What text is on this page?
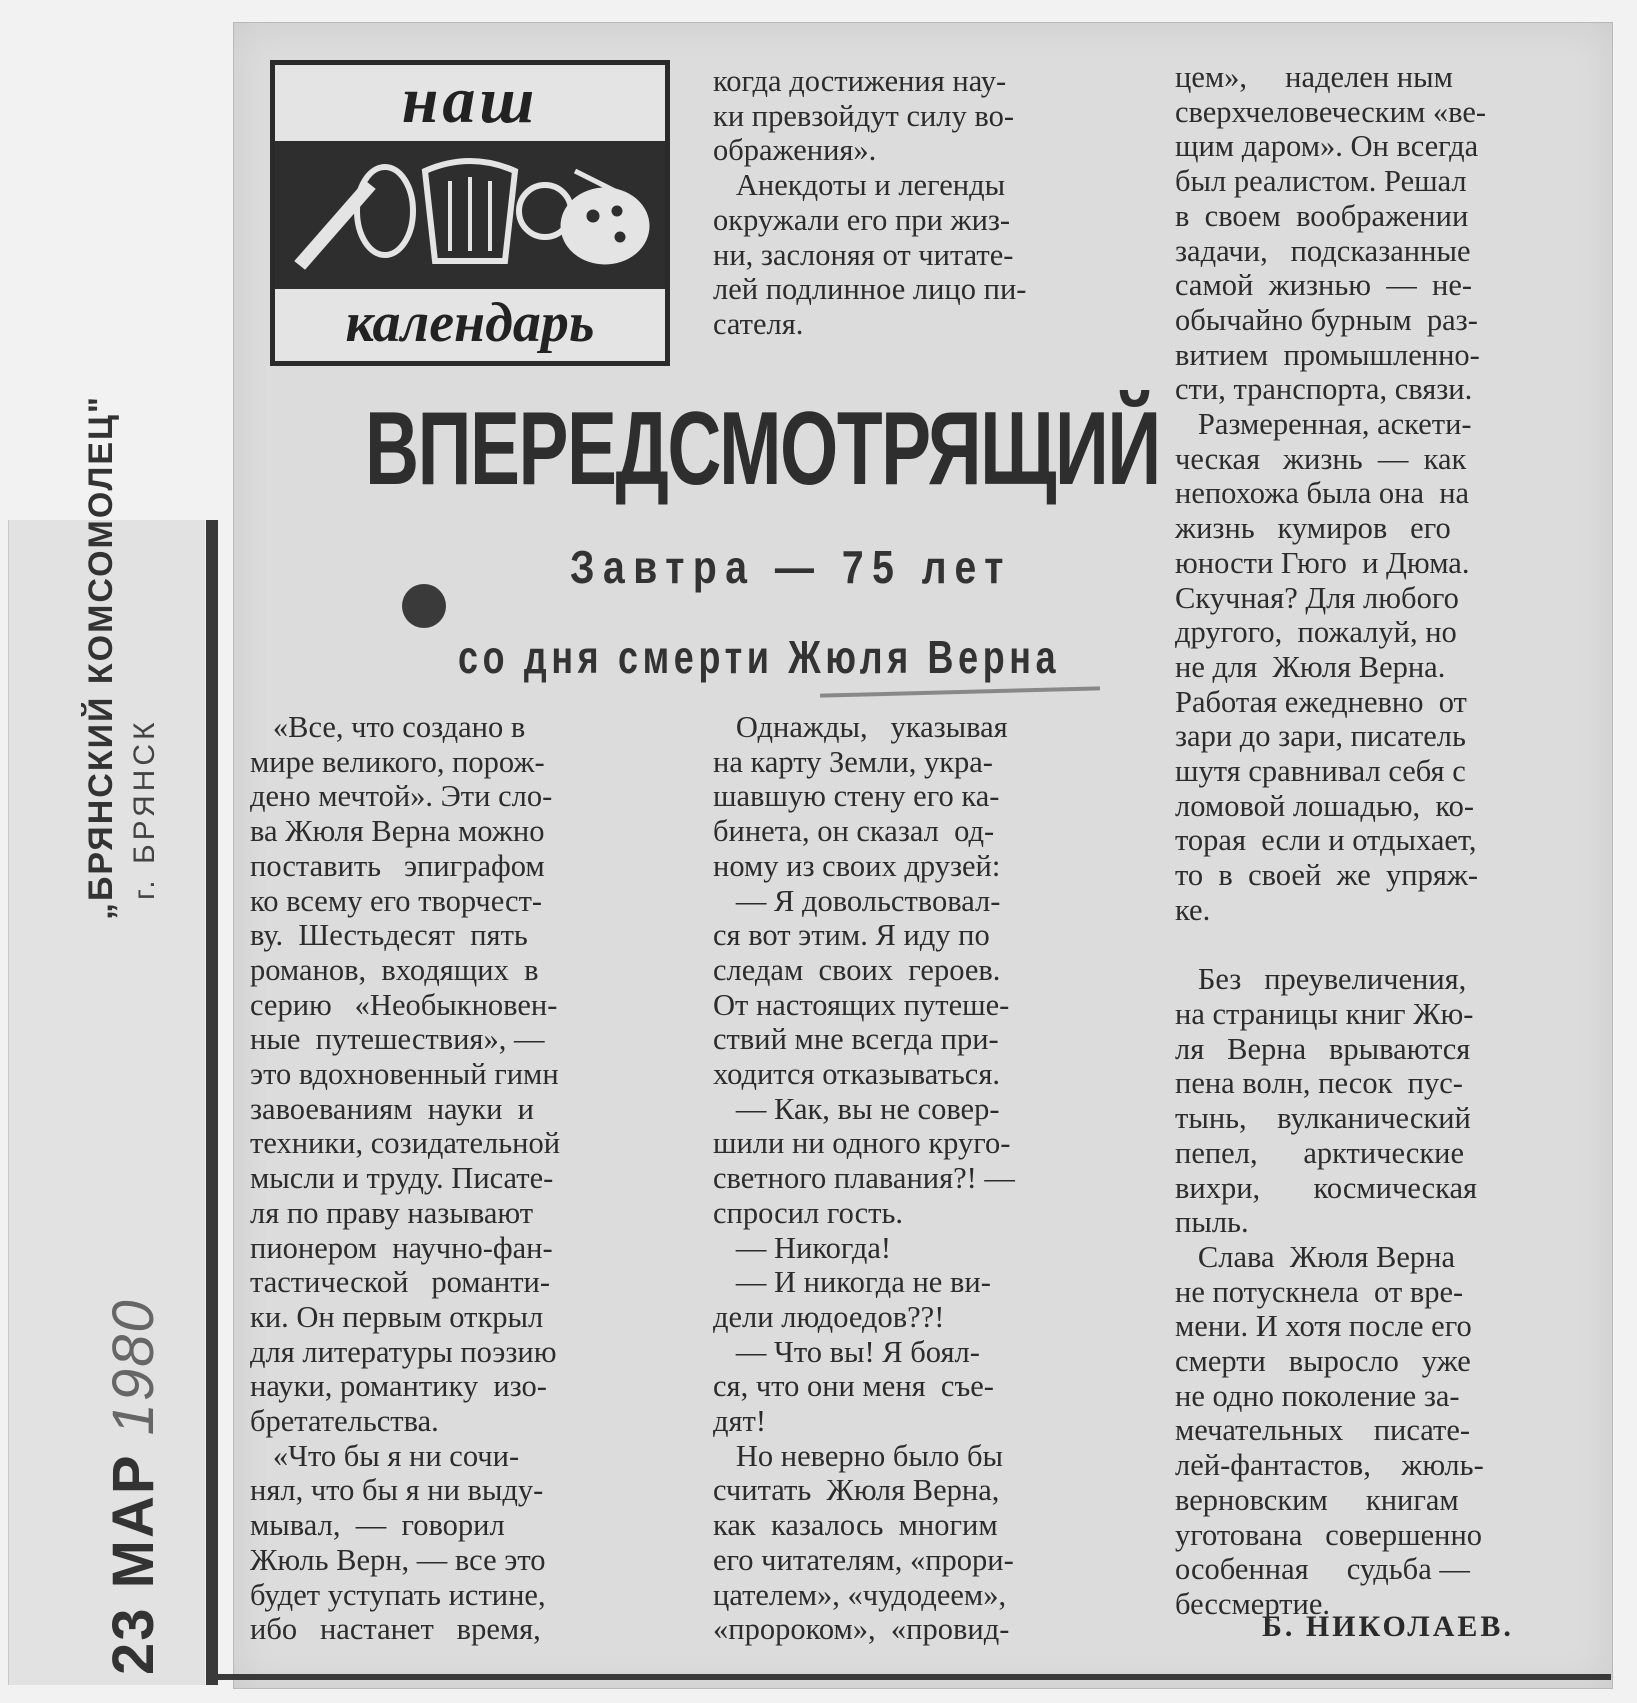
„БРЯНСКИЙ КОМСОМОЛЕЦ" г. БРЯНСК
23 МАР 1980
наш
календарь
когда достижения нау-
ки превзойдут силу во-
ображения».
Анекдоты и легенды
окружали его при жиз-
ни, заслоняя от читате-
лей подлинное лицо пи-
сателя.
ВПЕРЕДСМОТРЯЩИЙ
Завтра — 75 лет
со дня смерти Жюля Верна
«Все, что создано в
мире великого, порож-
дено мечтой». Эти сло-
ва Жюля Верна можно
поставить   эпиграфом
ко всему его творчест-
ву.  Шестьдесят  пять
романов,  входящих  в
серию   «Необыкновен-
ные  путешествия», —
это вдохновенный гимн
завоеваниям  науки  и
техники, созидательной
мысли и труду. Писате-
ля по праву называют
пионером  научно-фан-
тастической   романти-
ки. Он первым открыл
для литературы поэзию
науки, романтику  изо-
бретательства.
«Что бы я ни сочи-
нял, что бы я ни выду-
мывал,  —  говорил
Жюль Верн, — все это
будет уступать истине,
ибо   настанет   время,
Однажды,   указывая
на карту Земли, укра-
шавшую стену его ка-
бинета, он сказал  од-
ному из своих друзей:
— Я довольствовал-
ся вот этим. Я иду по
следам  своих  героев.
От настоящих путеше-
ствий мне всегда при-
ходится отказываться.
— Как, вы не совер-
шили ни одного круго-
светного плавания?! —
спросил гость.
— Никогда!
— И никогда не ви-
дели людоедов??!
— Что вы! Я боял-
ся, что они меня  съе-
дят!
Но неверно было бы
считать  Жюля Верна,
как  казалось  многим
его читателям, «прори-
цателем», «чудодеем»,
«пророком»,  «провид-
цем»,     наделен ным
сверхчеловеческим «ве-
щим даром». Он всегда
был реалистом. Решал
в  своем  воображении
задачи,   подсказанные
самой  жизнью  —  не-
обычайно бурным  раз-
витием  промышленно-
сти, транспорта, связи.
Размеренная, аскети-
ческая   жизнь  —  как
непохожа была она  на
жизнь   кумиров   его
юности Гюго  и Дюма.
Скучная? Для любого
другого,  пожалуй, но
не для  Жюля Верна.
Работая ежедневно  от
зари до зари, писатель
шутя сравнивал себя с
ломовой лошадью,  ко-
торая  если и отдыхает,
то  в  своей  же  упряж-
ке.

Без   преувеличения,
на страницы книг Жю-
ля   Верна   врываются
пена волн, песок  пус-
тынь,    вулканический
пепел,      арктические
вихри,       космическая
пыль.
Слава  Жюля Верна
не потускнела  от вре-
мени. И хотя после его
смерти   выросло   уже
не одно поколение за-
мечательных    писате-
лей-фантастов,    жюль-
верновским     книгам
уготована   совершенно
особенная     судьба —
бессмертие.
Б. НИКОЛАЕВ.
